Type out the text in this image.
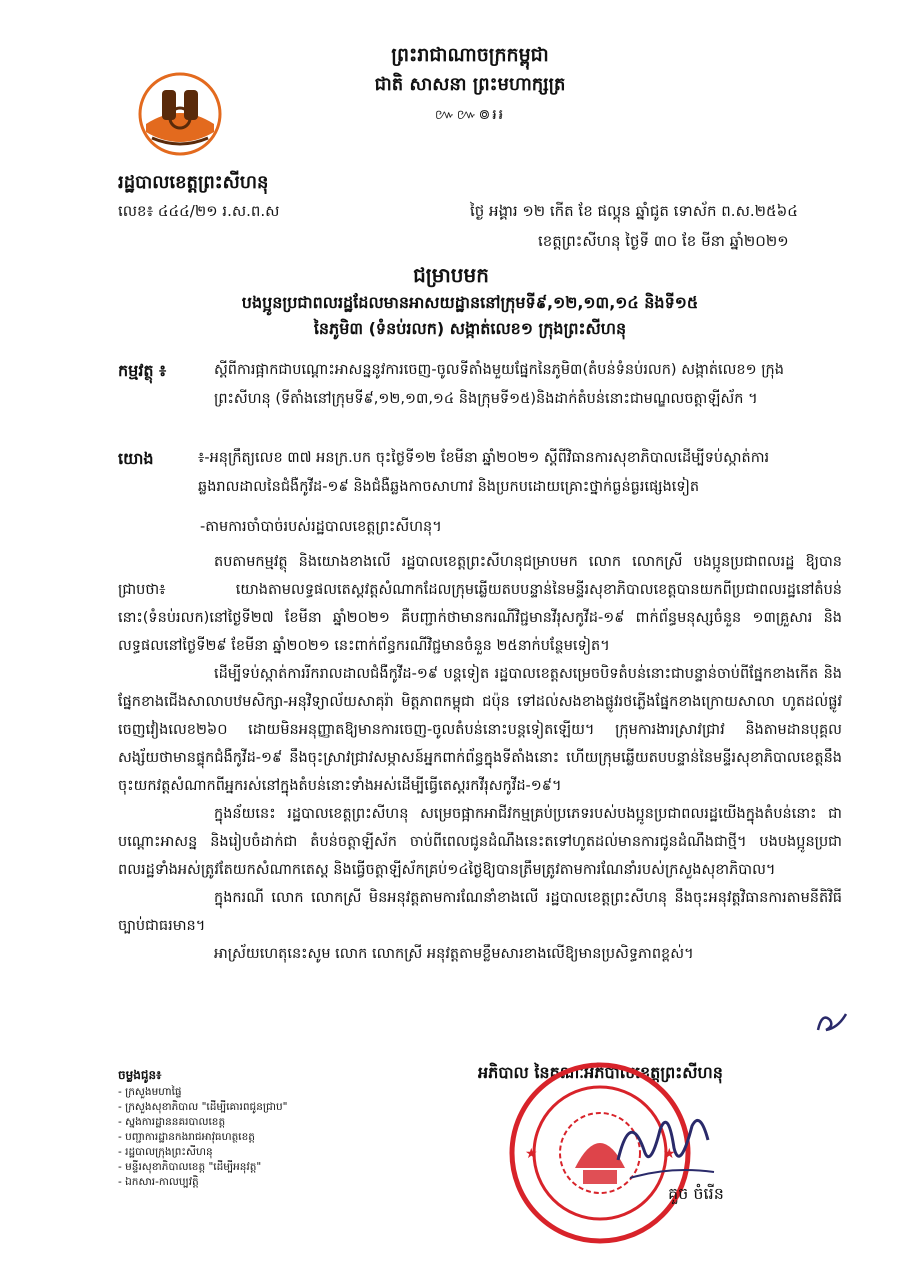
ព្រះរាជាណាចក្រកម្ពុជា
ជាតិ សាសនា ព្រះមហាក្សត្រ
៚៚៙៛៛
រដ្ឋបាលខេត្តព្រះសីហនុ
លេខ៖ ៤៤៤/២១ រ.ស.ព.ស	ថ្ងៃ អង្គារ ១២ កើត ខែ ផល្គុន ឆ្នាំជូត ទោស័ក ព.ស.២៥៦៤
ខេត្តព្រះសីហនុ ថ្ងៃទី ៣០ ខែ មីនា ឆ្នាំ២០២១
ជម្រាបមក
បងប្អូនប្រជាពលរដ្ឋដែលមានអាសយដ្ឋាននៅក្រុមទី៩,១២,១៣,១៤ និងទី១៥
នៃភូមិ៣ (ទំនប់រលក) សង្កាត់លេខ១ ក្រុងព្រះសីហនុ
កម្មវត្ថុ ៖	ស្តីពីការផ្អាកជាបណ្តោះអាសន្ននូវការចេញ-ចូលទីតាំងមួយផ្នែកនៃភូមិ៣(តំបន់ទំនប់រលក) សង្កាត់លេខ១ ក្រុងព្រះសីហនុ (ទីតាំងនៅក្រុមទី៩,១២,១៣,១៤ និងក្រុមទី១៥)និងដាក់តំបន់នោះជាមណ្ឌលចត្តាឡីស័ក ។
យោង	៖-អនុក្រឹត្យលេខ ៣៧ អនក្រ.បក ចុះថ្ងៃទី១២ ខែមីនា ឆ្នាំ២០២១ ស្តីពីវិធានការសុខាភិបាលដើម្បីទប់ស្កាត់ការឆ្លងរាលដាលនៃជំងឺកូវីដ-១៩ និងជំងឺឆ្លងកាចសាហាវ និងប្រកបដោយគ្រោះថ្នាក់ធ្ងន់ធ្ងរផ្សេងទៀត
-តាមការចាំបាច់របស់រដ្ឋបាលខេត្តព្រះសីហនុ។

តបតាមកម្មវត្ថុ និងយោងខាងលើ រដ្ឋបាលខេត្តព្រះសីហនុជម្រាបមក លោក លោកស្រី បងប្អូនប្រជាពលរដ្ឋ ឱ្យបានជ្រាបថា៖ យោងតាមលទ្ធផលតេស្តវត្តសំណាកដែលក្រុមឆ្លើយតបបន្ទាន់នៃមន្ទីរសុខាភិបាលខេត្តបានយកពីប្រជាពលរដ្ឋនៅតំបន់នោះ(ទំនប់រលក)នៅថ្ងៃទី២៧ ខែមីនា ឆ្នាំ២០២១ គឺបញ្ជាក់ថាមានករណីវិជ្ជមានវីរុសកូវីដ-១៩ ពាក់ព័ន្ធមនុស្សចំនួន ១៣គ្រួសារ និងលទ្ធផលនៅថ្ងៃទី២៩ ខែមីនា ឆ្នាំ២០២១ នេះពាក់ព័ន្ធករណីវិជ្ជមានចំនួន ២៥នាក់បន្ថែមទៀត។

ដើម្បីទប់ស្កាត់ការរីករាលដាលជំងឺកូវីដ-១៩ បន្តទៀត រដ្ឋបាលខេត្តសម្រេចបិទតំបន់នោះជាបន្ទាន់ចាប់ពីផ្នែកខាងកើត និងផ្នែកខាងជើងសាលាបឋមសិក្សា-អនុវិទ្យាល័យសាគុរ៉ា មិត្តភាពកម្ពុជា ជប៉ុន ទៅដល់សងខាងផ្លូវរថភ្លើងផ្នែកខាងក្រោយសាលា ហូតដល់ផ្លូវចេញវៀងលេខ២៦០ ដោយមិនអនុញ្ញាតឱ្យមានការចេញ-ចូលតំបន់នោះបន្តទៀតឡើយ។ ក្រុមការងារស្រាវជ្រាវ និងតាមដានបុគ្គលសង្ស័យថាមានផ្ទុកជំងឺកូវីដ-១៩ នឹងចុះស្រាវជ្រាវសម្ភាសន៍អ្នកពាក់ព័ន្ធក្នុងទីតាំងនោះ ហើយក្រុមឆ្លើយតបបន្ទាន់នៃមន្ទីរសុខាភិបាលខេត្តនឹងចុះយកវត្តសំណាកពីអ្នករស់នៅក្នុងតំបន់នោះទាំងអស់ដើម្បីធ្វើតេស្តរកវីរុសកូវីដ-១៩។

ក្នុងន័យនេះ រដ្ឋបាលខេត្តព្រះសីហនុ សម្រេចផ្អាកអាជីវកម្មគ្រប់ប្រភេទរបស់បងប្អូនប្រជាពលរដ្ឋយើងក្នុងតំបន់នោះ ជាបណ្តោះអាសន្ន និងរៀបចំដាក់ជា តំបន់ចត្តាឡីស័ក ចាប់ពីពេលជូនដំណឹងនេះតទៅហូតដល់មានការជូនដំណឹងជាថ្មី។ បងបងប្អូនប្រជាពលរដ្ឋទាំងអស់ត្រូវតែយកសំណាកតេស្ត និងធ្វើចត្តាឡីស័កគ្រប់១៤ថ្ងៃឱ្យបានត្រឹមត្រូវតាមការណែនាំរបស់ក្រសួងសុខាភិបាល។

ក្នុងករណី លោក លោកស្រី មិនអនុវត្តតាមការណែនាំខាងលើ រដ្ឋបាលខេត្តព្រះសីហនុ នឹងចុះអនុវត្តវិធានការតាមនីតិវិធីច្បាប់ជាធរមាន។

អាស្រ័យហេតុនេះសូម លោក លោកស្រី អនុវត្តតាមខ្លឹមសារខាងលើឱ្យមានប្រសិទ្ធភាពខ្ពស់។

អភិបាល នៃគណៈអភិបាលខេត្តព្រះសីហនុ
★	★
គួច ចំរើន
ចម្លងជូន៖
- ក្រសួងមហាផ្ទៃ
- ក្រសួងសុខាភិបាល "ដើម្បីគោរពជូនជ្រាប"
- ស្នងការដ្ឋាននគរបាលខេត្ត
- បញ្ជាការដ្ឋានកងរាជអាវុធហត្ថខេត្ត
- រដ្ឋបាលក្រុងព្រះសីហនុ
- មន្ទីរសុខាភិបាលខេត្ត "ដើម្បីអនុវត្ត"
- ឯកសារ-កាលប្បវត្តិ
